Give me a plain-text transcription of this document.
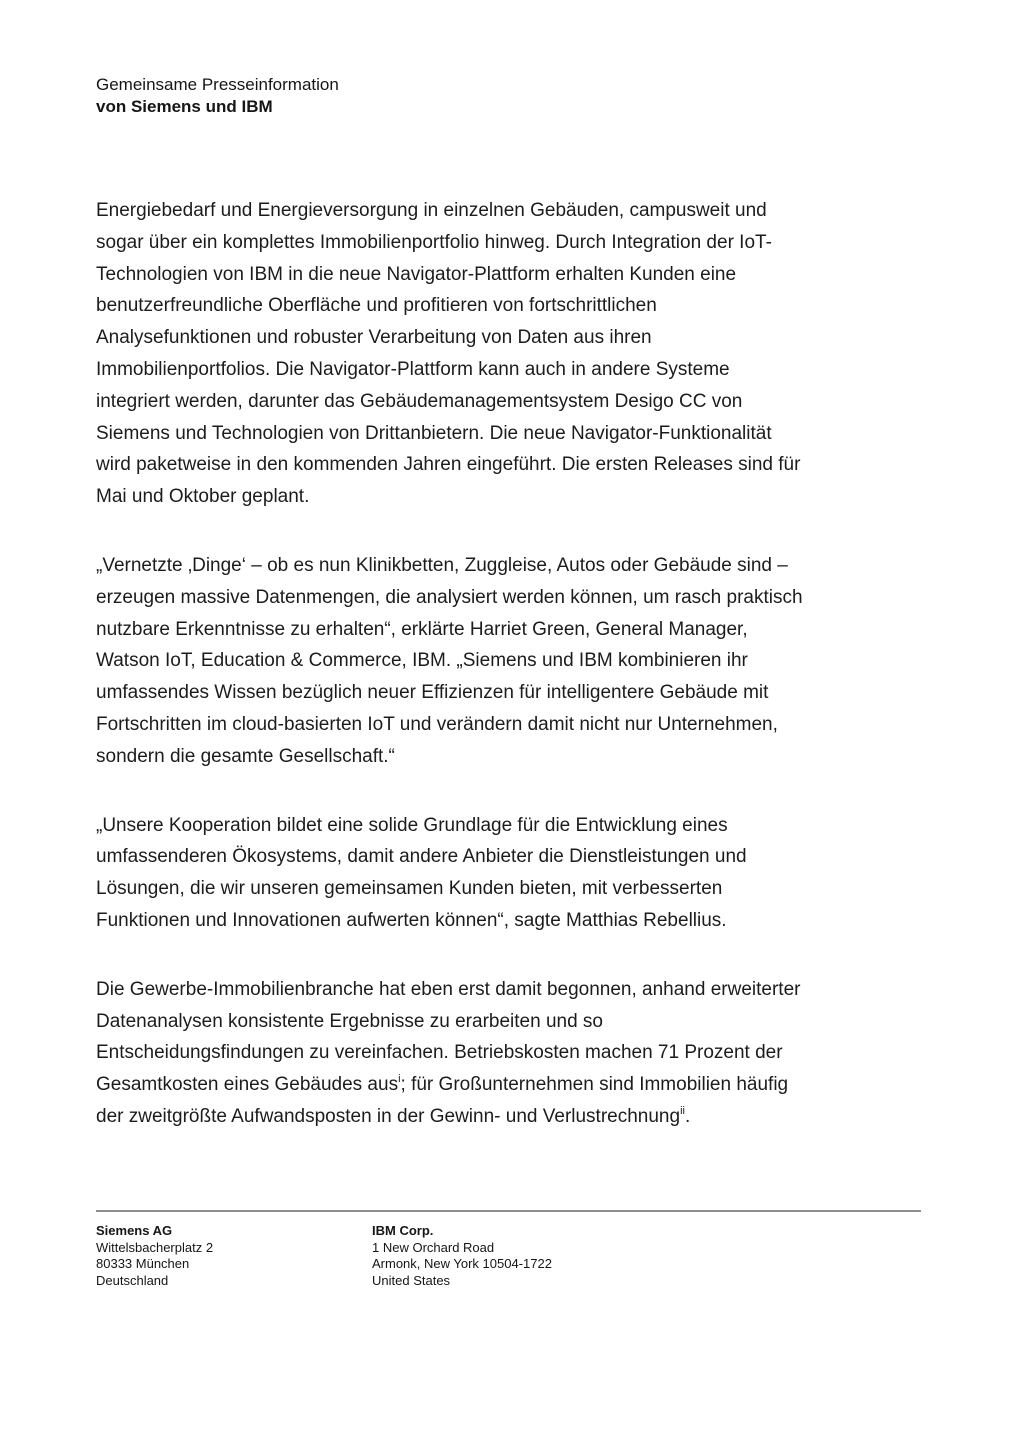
Gemeinsame Presseinformation
von Siemens und IBM
Energiebedarf und Energieversorgung in einzelnen Gebäuden, campusweit und
sogar über ein komplettes Immobilienportfolio hinweg. Durch Integration der IoT-
Technologien von IBM in die neue Navigator-Plattform erhalten Kunden eine
benutzerfreundliche Oberfläche und profitieren von fortschrittlichen
Analysefunktionen und robuster Verarbeitung von Daten aus ihren
Immobilienportfolios. Die Navigator-Plattform kann auch in andere Systeme
integriert werden, darunter das Gebäudemanagementsystem Desigo CC von
Siemens und Technologien von Drittanbietern. Die neue Navigator-Funktionalität
wird paketweise in den kommenden Jahren eingeführt. Die ersten Releases sind für
Mai und Oktober geplant.
„Vernetzte ‚Dinge‘ – ob es nun Klinikbetten, Zuggleise, Autos oder Gebäude sind –
erzeugen massive Datenmengen, die analysiert werden können, um rasch praktisch
nutzbare Erkenntnisse zu erhalten“, erklärte Harriet Green, General Manager,
Watson IoT, Education & Commerce, IBM. „Siemens und IBM kombinieren ihr
umfassendes Wissen bezüglich neuer Effizienzen für intelligentere Gebäude mit
Fortschritten im cloud-basierten IoT und verändern damit nicht nur Unternehmen,
sondern die gesamte Gesellschaft.“
„Unsere Kooperation bildet eine solide Grundlage für die Entwicklung eines
umfassenderen Ökosystems, damit andere Anbieter die Dienstleistungen und
Lösungen, die wir unseren gemeinsamen Kunden bieten, mit verbesserten
Funktionen und Innovationen aufwerten können“, sagte Matthias Rebellius.
Die Gewerbe-Immobilienbranche hat eben erst damit begonnen, anhand erweiterter
Datenanalysen konsistente Ergebnisse zu erarbeiten und so
Entscheidungsfindungen zu vereinfachen. Betriebskosten machen 71 Prozent der
Gesamtkosten eines Gebäudes aus$^i$; für Großunternehmen sind Immobilien häufig
der zweitgrößte Aufwandsposten in der Gewinn- und Verlustrechnung$^{ii}$.
Siemens AG
Wittelsbacherplatz 2
80333 München
Deutschland
IBM Corp.
1 New Orchard Road
Armonk, New York 10504-1722
United States
